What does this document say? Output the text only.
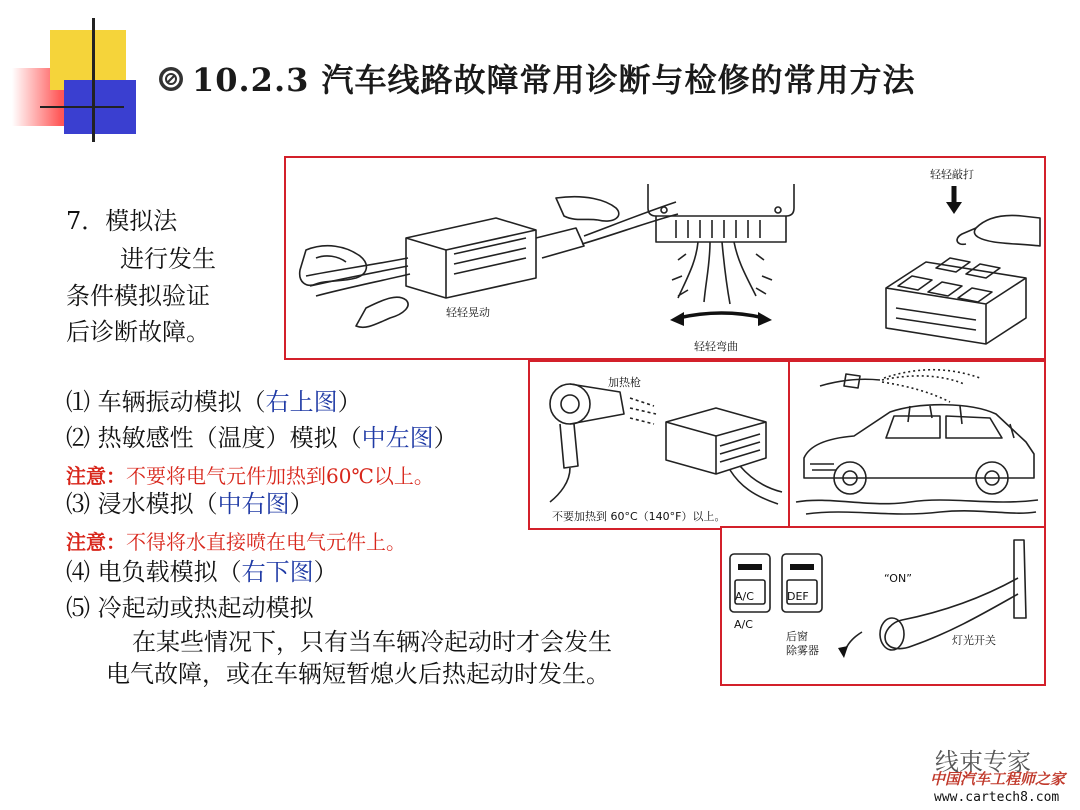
10.2.3 汽车线路故障常用诊断与检修的常用方法
7．模拟法
进行发生
条件模拟验证
后诊断故障。
⑴ 车辆振动模拟（右上图）
⑵ 热敏感性（温度）模拟（中左图）
注意：不要将电气元件加热到60℃以上。
⑶ 浸水模拟（中右图）
注意：不得将水直接喷在电气元件上。
⑷ 电负载模拟（右下图）
⑸ 冷起动或热起动模拟
在某些情况下，只有当车辆冷起动时才会发生
电气故障，或在车辆短暂熄火后热起动时发生。
轻轻晃动
轻轻弯曲
轻轻敲打
加热枪
不要加热到 60°C（140°F）以上。
A/C	DEF
A/C
后窗
除雾器
“ON”
灯光开关
线束专家
中国汽车工程师之家
www.cartech8.com
